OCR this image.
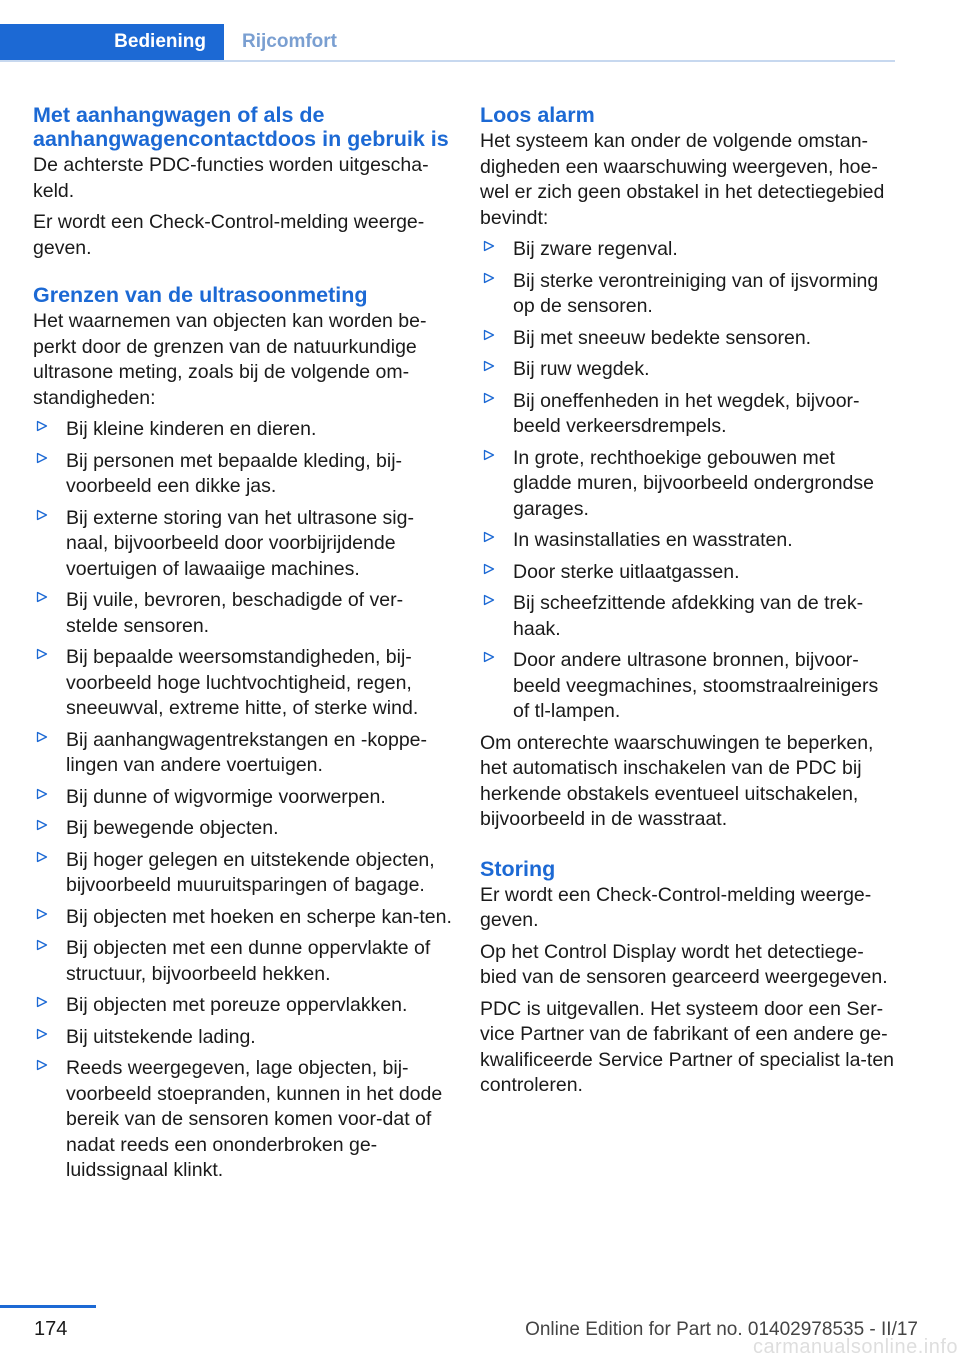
Bediening Rijcomfort
Met aanhangwagen of als de aanhangwagencontactdoos in gebruik is

De achterste PDC-functies worden uitgescha-keld.

Er wordt een Check-Control-melding weerge-geven.

Grenzen van de ultrasoonmeting

Het waarnemen van objecten kan worden be-perkt door de grenzen van de natuurkundige ultrasone meting, zoals bij de volgende om-standigheden:

Bij kleine kinderen en dieren.
Bij personen met bepaalde kleding, bij-voorbeeld een dikke jas.
Bij externe storing van het ultrasone sig-naal, bijvoorbeeld door voorbijrijdende voertuigen of lawaaiige machines.
Bij vuile, bevroren, beschadigde of ver-stelde sensoren.
Bij bepaalde weersomstandigheden, bij-voorbeeld hoge luchtvochtigheid, regen, sneeuwval, extreme hitte, of sterke wind.
Bij aanhangwagentrekstangen en -koppe-lingen van andere voertuigen.
Bij dunne of wigvormige voorwerpen.
Bij bewegende objecten.
Bij hoger gelegen en uitstekende objecten, bijvoorbeeld muuruitsparingen of bagage.
Bij objecten met hoeken en scherpe kan-ten.
Bij objecten met een dunne oppervlakte of structuur, bijvoorbeeld hekken.
Bij objecten met poreuze oppervlakken.
Bij uitstekende lading.
Reeds weergegeven, lage objecten, bij-voorbeeld stoepranden, kunnen in het dode bereik van de sensoren komen voor-dat of nadat reeds een ononderbroken ge-luidssignaal klinkt.
Loos alarm

Het systeem kan onder de volgende omstan-digheden een waarschuwing weergeven, hoe-wel er zich geen obstakel in het detectiegebied bevindt:

Bij zware regenval.
Bij sterke verontreiniging van of ijsvorming op de sensoren.
Bij met sneeuw bedekte sensoren.
Bij ruw wegdek.
Bij oneffenheden in het wegdek, bijvoor-beeld verkeersdrempels.
In grote, rechthoekige gebouwen met gladde muren, bijvoorbeeld ondergrondse garages.
In wasinstallaties en wasstraten.
Door sterke uitlaatgassen.
Bij scheefzittende afdekking van de trek-haak.
Door andere ultrasone bronnen, bijvoor-beeld veegmachines, stoomstraalreinigers of tl-lampen.

Om onterechte waarschuwingen te beperken, het automatisch inschakelen van de PDC bij herkende obstakels eventueel uitschakelen, bijvoorbeeld in de wasstraat.

Storing

Er wordt een Check-Control-melding weerge-geven.

Op het Control Display wordt het detectiege-bied van de sensoren gearceerd weergegeven.

PDC is uitgevallen. Het systeem door een Ser-vice Partner van de fabrikant of een andere ge-kwalificeerde Service Partner of specialist la-ten controleren.

174	Online Edition for Part no. 01402978535 - II/17
carmanualsonline.info
